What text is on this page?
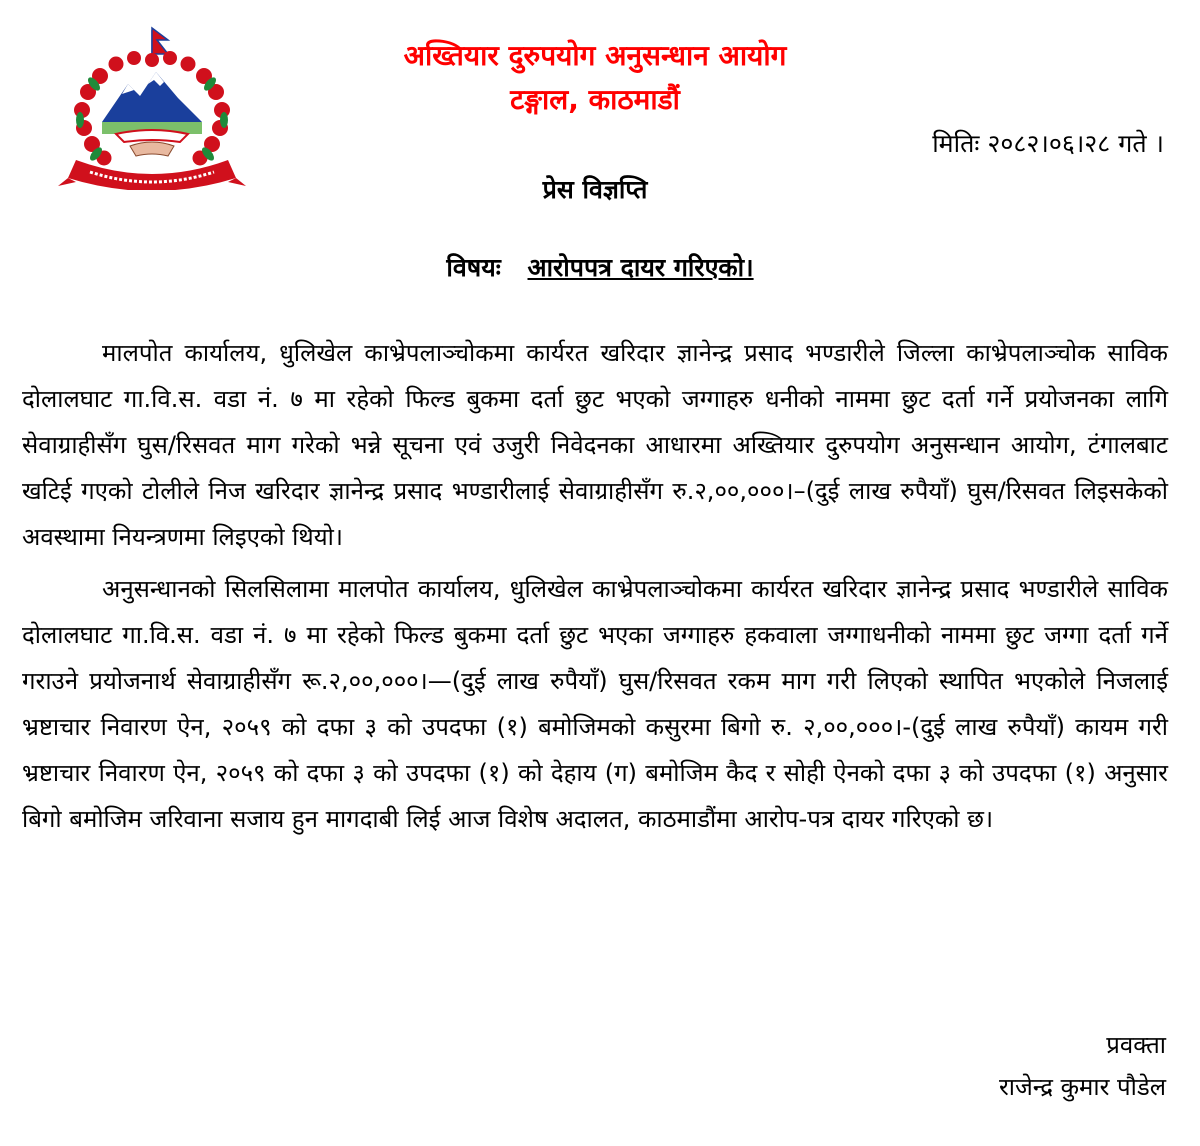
अख्तियार दुरुपयोग अनुसन्धान आयोग
टङ्गाल, काठमाडौं
मितिः २०८२।०६।२८ गते ।
प्रेस विज्ञप्ति
विषयः आरोपपत्र दायर गरिएको।

मालपोत कार्यालय, धुलिखेल काभ्रेपलाञ्चोकमा कार्यरत खरिदार ज्ञानेन्द्र प्रसाद भण्डारीले जिल्ला काभ्रेपलाञ्चोक साविक दोलालघाट गा.वि.स. वडा नं. ७ मा रहेको फिल्ड बुकमा दर्ता छुट भएको जग्गाहरु धनीको नाममा छुट दर्ता गर्ने प्रयोजनका लागि सेवाग्राहीसँग घुस/रिसवत माग गरेको भन्ने सूचना एवं उजुरी निवेदनका आधारमा अख्तियार दुरुपयोग अनुसन्धान आयोग, टंगालबाट खटिई गएको टोलीले निज खरिदार ज्ञानेन्द्र प्रसाद भण्डारीलाई सेवाग्राहीसँग रु.२,००,०००।–(दुई लाख रुपैयाँ) घुस/रिसवत लिइसकेको अवस्थामा नियन्त्रणमा लिइएको थियो।

अनुसन्धानको सिलसिलामा मालपोत कार्यालय, धुलिखेल काभ्रेपलाञ्चोकमा कार्यरत खरिदार ज्ञानेन्द्र प्रसाद भण्डारीले साविक दोलालघाट गा.वि.स. वडा नं. ७ मा रहेको फिल्ड बुकमा दर्ता छुट भएका जग्गाहरु हकवाला जग्गाधनीको नाममा छुट जग्गा दर्ता गर्ने गराउने प्रयोजनार्थ सेवाग्राहीसँग रू.२,००,०००।—(दुई लाख रुपैयाँ) घुस/रिसवत रकम माग गरी लिएको स्थापित भएकोले निजलाई भ्रष्टाचार निवारण ऐन, २०५९ को दफा ३ को उपदफा (१) बमोजिमको कसुरमा बिगो रु. २,००,०००।-(दुई लाख रुपैयाँ) कायम गरी भ्रष्टाचार निवारण ऐन, २०५९ को दफा ३ को उपदफा (१) को देहाय (ग) बमोजिम कैद र सोही ऐनको दफा ३ को उपदफा (१) अनुसार बिगो बमोजिम जरिवाना सजाय हुन मागदाबी लिई आज विशेष अदालत, काठमाडौंमा आरोप-पत्र दायर गरिएको छ।

प्रवक्ता
राजेन्द्र कुमार पौडेल
